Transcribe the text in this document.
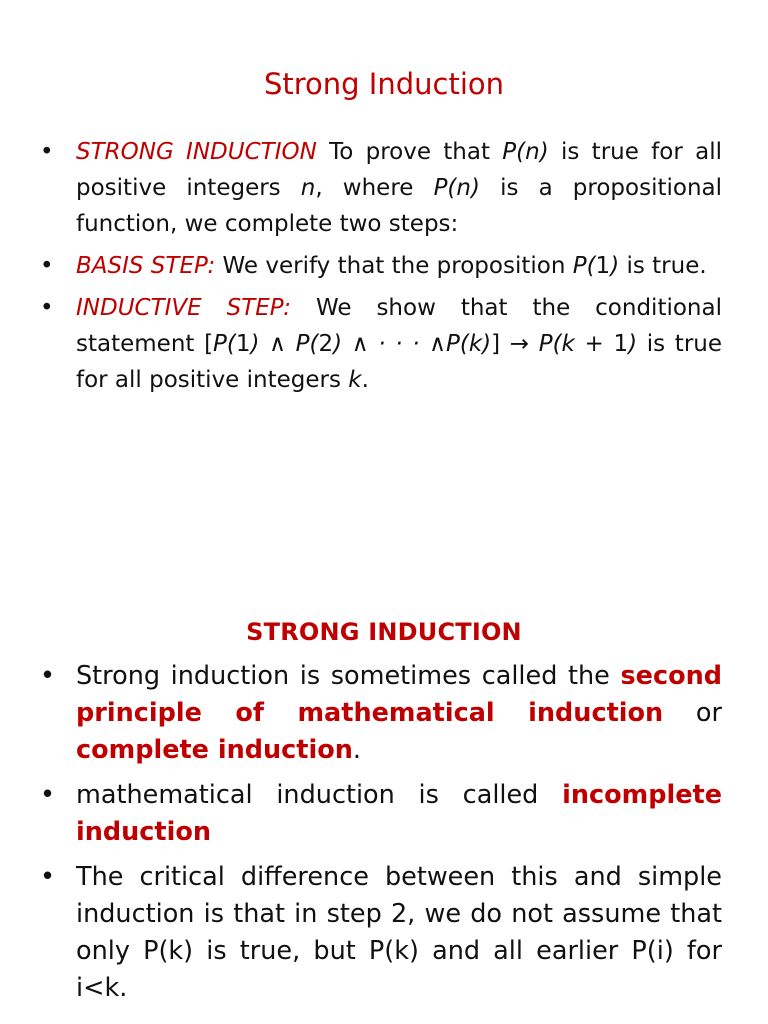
Strong Induction
• STRONG INDUCTION To prove that P(n) is true for all positive integers n, where P(n) is a propositional function, we complete two steps:
• BASIS STEP: We verify that the proposition P(1) is true.
• INDUCTIVE STEP: We show that the conditional statement [P(1) ∧ P(2) ∧ · · · ∧P(k)] → P(k + 1) is true for all positive integers k.
STRONG INDUCTION
• Strong induction is sometimes called the second principle of mathematical induction or complete induction.
• mathematical induction is called incomplete induction
• The critical difference between this and simple induction is that in step 2, we do not assume that only P(k) is true, but P(k) and all earlier P(i) for i<k.
